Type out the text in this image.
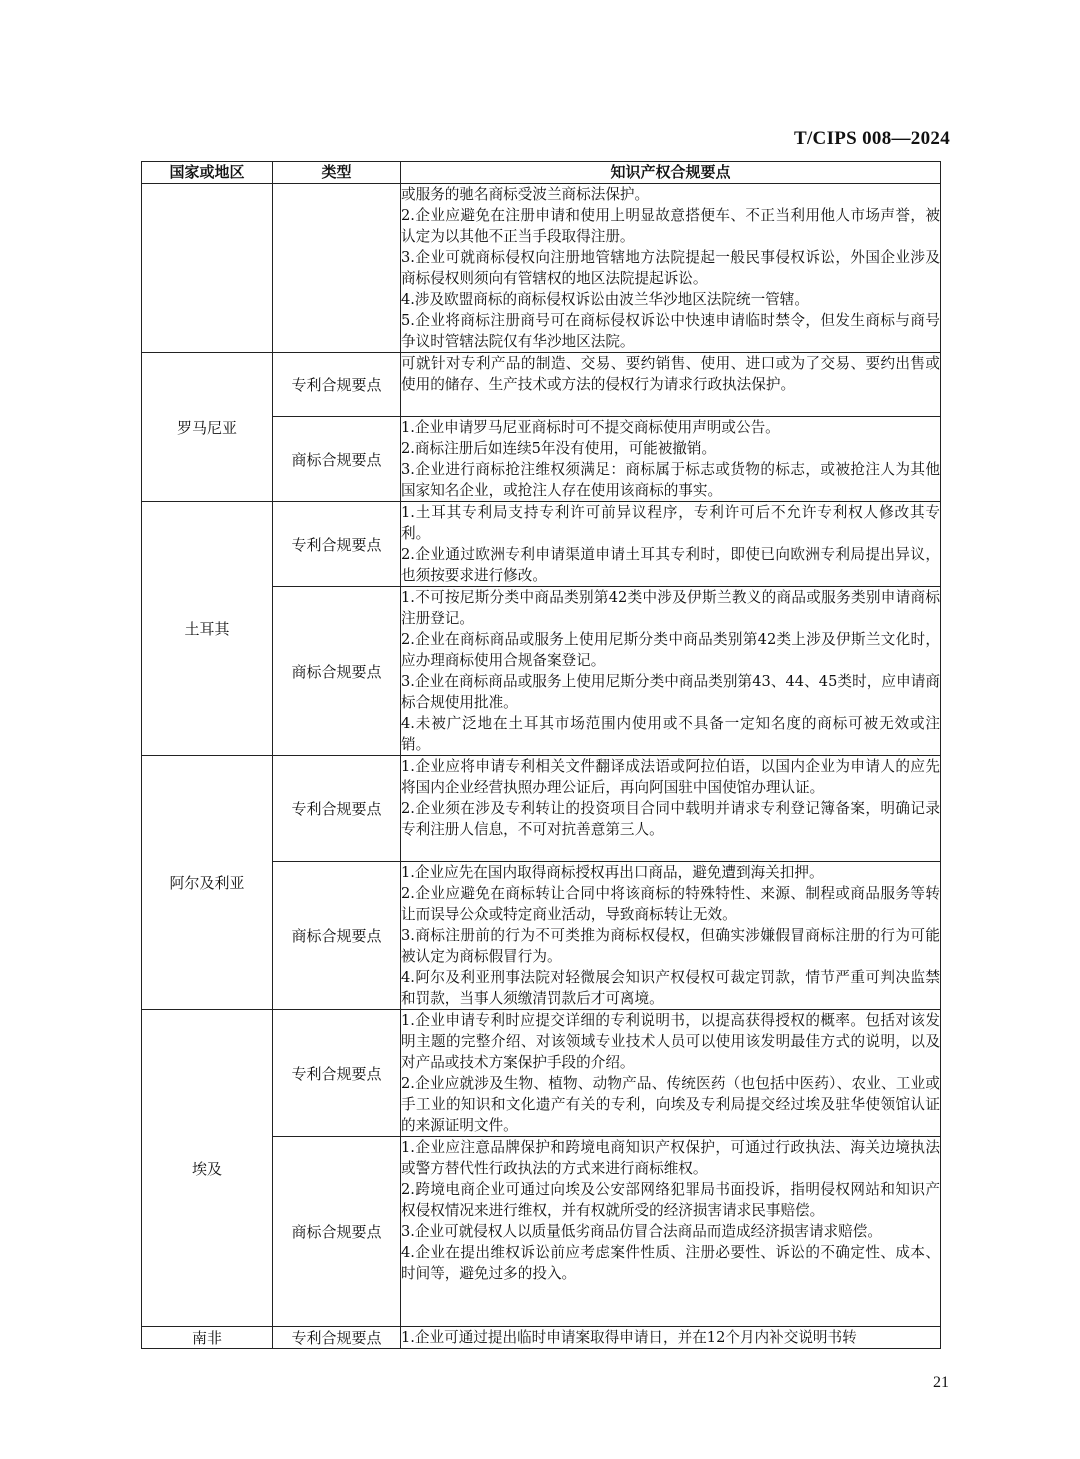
T/CIPS 008—2024
国家或地区	类型	知识产权合规要点

		或服务的驰名商标受波兰商标法保护。
2.企业应避免在注册申请和使用上明显故意搭便车、不正当利用他人市场声誉，被认定为以其他不正当手段取得注册。
3.企业可就商标侵权向注册地管辖地方法院提起一般民事侵权诉讼，外国企业涉及商标侵权则须向有管辖权的地区法院提起诉讼。
4.涉及欧盟商标的商标侵权诉讼由波兰华沙地区法院统一管辖。
5.企业将商标注册商号可在商标侵权诉讼中快速申请临时禁令，但发生商标与商号争议时管辖法院仅有华沙地区法院。

罗马尼亚	专利合规要点	可就针对专利产品的制造、交易、要约销售、使用、进口或为了交易、要约出售或使用的储存、生产技术或方法的侵权行为请求行政执法保护。

	商标合规要点	1.企业申请罗马尼亚商标时可不提交商标使用声明或公告。
2.商标注册后如连续5年没有使用，可能被撤销。
3.企业进行商标抢注维权须满足：商标属于标志或货物的标志，或被抢注人为其他国家知名企业，或抢注人存在使用该商标的事实。

土耳其	专利合规要点	1.土耳其专利局支持专利许可前异议程序，专利许可后不允许专利权人修改其专利。
2.企业通过欧洲专利申请渠道申请土耳其专利时，即使已向欧洲专利局提出异议，也须按要求进行修改。

	商标合规要点	1.不可按尼斯分类中商品类别第42类中涉及伊斯兰教义的商品或服务类别申请商标注册登记。
2.企业在商标商品或服务上使用尼斯分类中商品类别第42类上涉及伊斯兰文化时，应办理商标使用合规备案登记。
3.企业在商标商品或服务上使用尼斯分类中商品类别第43、44、45类时，应申请商标合规使用批准。
4.未被广泛地在土耳其市场范围内使用或不具备一定知名度的商标可被无效或注销。

阿尔及利亚	专利合规要点	1.企业应将申请专利相关文件翻译成法语或阿拉伯语，以国内企业为申请人的应先将国内企业经营执照办理公证后，再向阿国驻中国使馆办理认证。
2.企业须在涉及专利转让的投资项目合同中载明并请求专利登记簿备案，明确记录专利注册人信息，不可对抗善意第三人。

	商标合规要点	1.企业应先在国内取得商标授权再出口商品，避免遭到海关扣押。
2.企业应避免在商标转让合同中将该商标的特殊特性、来源、制程或商品服务等转让而误导公众或特定商业活动，导致商标转让无效。
3.商标注册前的行为不可类推为商标权侵权，但确实涉嫌假冒商标注册的行为可能被认定为商标假冒行为。
4.阿尔及利亚刑事法院对轻微展会知识产权侵权可裁定罚款，情节严重可判决监禁和罚款，当事人须缴清罚款后才可离境。

埃及	专利合规要点	1.企业申请专利时应提交详细的专利说明书，以提高获得授权的概率。包括对该发明主题的完整介绍、对该领域专业技术人员可以使用该发明最佳方式的说明，以及对产品或技术方案保护手段的介绍。
2.企业应就涉及生物、植物、动物产品、传统医药（也包括中医药）、农业、工业或手工业的知识和文化遗产有关的专利，向埃及专利局提交经过埃及驻华使领馆认证的来源证明文件。

	商标合规要点	1.企业应注意品牌保护和跨境电商知识产权保护，可通过行政执法、海关边境执法或警方替代性行政执法的方式来进行商标维权。
2.跨境电商企业可通过向埃及公安部网络犯罪局书面投诉，指明侵权网站和知识产权侵权情况来进行维权，并有权就所受的经济损害请求民事赔偿。
3.企业可就侵权人以质量低劣商品仿冒合法商品而造成经济损害请求赔偿。
4.企业在提出维权诉讼前应考虑案件性质、注册必要性、诉讼的不确定性、成本、时间等，避免过多的投入。

南非	专利合规要点	1.企业可通过提出临时申请案取得申请日，并在12个月内补交说明书转
21
